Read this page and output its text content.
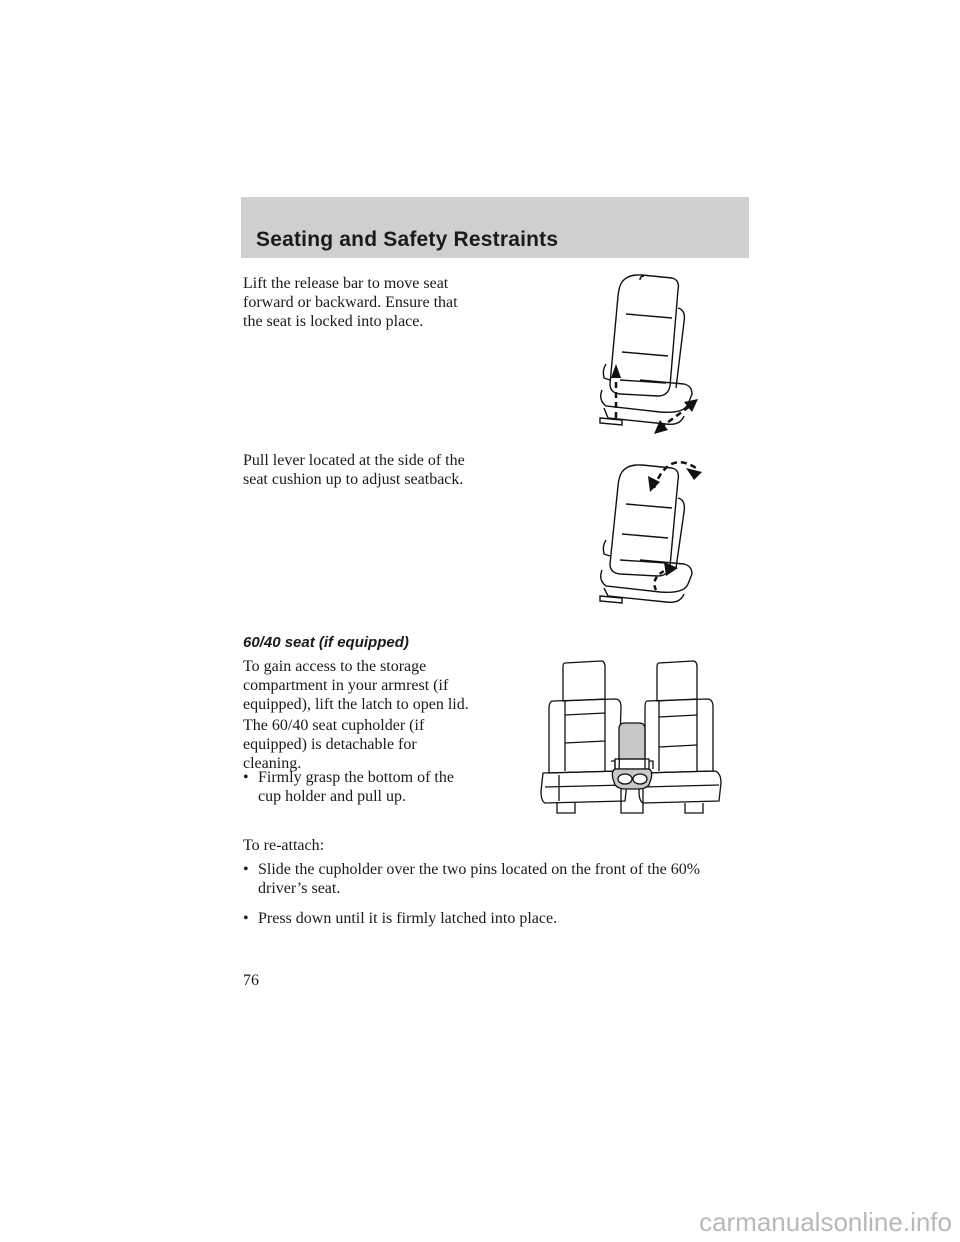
Seating and Safety Restraints
Lift the release bar to move seat
forward or backward. Ensure that
the seat is locked into place.
Pull lever located at the side of the
seat cushion up to adjust seatback.
60/40 seat (if equipped)
To gain access to the storage
compartment in your armrest (if
equipped), lift the latch to open lid.
The 60/40 seat cupholder (if
equipped) is detachable for
cleaning.
• Firmly grasp the bottom of the
cup holder and pull up.
To re-attach:
• Slide the cupholder over the two pins located on the front of the 60%
driver’s seat.
• Press down until it is firmly latched into place.
76
carmanualsonline.info
